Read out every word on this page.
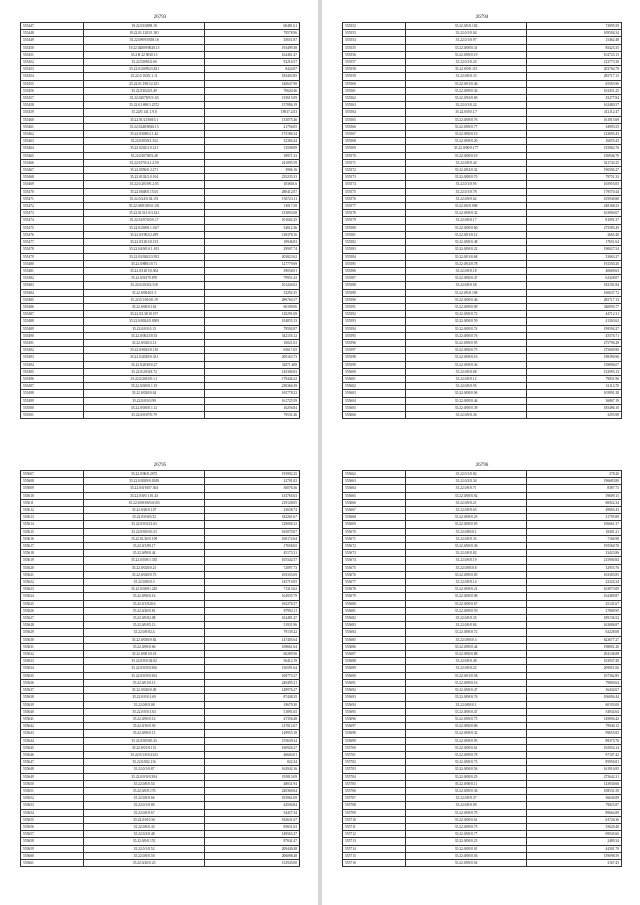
26793
555447	19.22.03/0858.18	60481.61
555448	19.22.01.1203/1.301	79578.96
555449	35.22.0F09/0558.16	35651.87
555450	19.22.02009/0020.15	193499.38
555451	35.2 R 22 0030.13	162461.47
555452	15.22.02065/2.60	93216.57
555453	35.22.0/20/9023.821	8424.87
555454	25.22.0.1045/.1.11	183403.85
555455	25.22.01.1901/2.251	140647.98
555456	35.22.F2024/3.49	70620.46
555457	35.22.02078/9.5/.63	135615.09
555458	35.22.0.1690/1.2572	157806.19
555459	35.22/0.141.1.9.0	19037.2.03
555460	35.22.01/21/0010.1	133075.46
555461	35.22.0248/0036.13	21756.05
555462	35.22.03038/2.1.42	175186.34
555463	35.22.03050/3.332	32394.44
555464	35.22.0202/2.0.121	13508.89
555465	35.22.02070/03.48	18971.33
555466	35.22.0170/4.1.2.59	241095.59
555467	35.22.0050/0.2.271	3906.16
555468	35.22.0102/2.0.104	235235.33
555469	35.22.0.2019/0.2.03	103603.6
555470	35.22.0048/0.15.03	280412.07
555471	35.22.0/24/0.02.151	156723.11
555472	35.22.0/0019/0.0.101	13017.58
555473	35.22.01/0/1.0/3.341	153093.68
555474	35.22.01/070/0.0.17	101602.25
555475	35.22.0/20/00.1.0.07	54612.36
555476	35.22.0/1902/2.299	138378.16
555477	35.22.0/1201/0.153	18946.83
555478	35.22.04/0/0.0.1.103	29907.74
555479	35.22.03/0202/3.952	203823.62
555480	35.22.0/8801/0.71	127779.69
555481	35.22.0/1201/0.304	39030.01
555482	35.22.0/0/270.870	79951.43
555483	35.22.0/20/0/2.318	101226.02
555484	35.22.0/0040/1.5	33292.35
555485	35.22.0/1/010/0.19	286760.37
555486	35.22.0/00/0.163	60109.06
555487	35.22.0/1/2010.197	120291.69
555488	35.22.0/0024/0.0309	104055.13
555489	35.22.0/0/0.0.13	79592.87
555490	35.22.0/0023/0.53	542155.12
555491	35.22.0/020/3.13	10021.63
555492	35.22.0/0023/0.110	65617.65
555493	35.22.0/2030/0.331	200163.73
555494	35.22.0/2030/0.27	32871.408
555495	35.22.0/20/0/4.72	145306.83
555496	35.22.0/2010/0.1.1	179446.22
555497	35.22.0/0/0/0.1.19	230366.39
555498	35.22.0/020/0.62	165778.23
555499	35.22.0/0/0.0.99	161725.59
555500	35.22.0/0/0/0.1.12	16256.84
555501	35.22.0/0/07/0.79	79531.46
26795
555607	35.22.0/00/0.2072	193992.25
555608	35.22.0/0029/0.0349	22701.02
555609	35.22.0/0/1007.304	30076.36
555610	35.22.0/0/0.1.01.43	133765.63
555611	35.22.0/00/00/0.6103	219128.05
555612	35.22.0/20/0.107	25638.74
555613	35.22.0/0/0/0.52	182261.67
555614	35.22.0/0/0/21.63	129006.32
555615	35.22.0/00/0.0.23	165070.07
555616	35.22.01/20/0.109	100172.64
555617	35.22.0/1/09.17	17658.65
555618	35.22.0/00/0.44	45173.31
555619	35.22.0/100/1.335	105342.57
555620	35.22.0/020/0.21	72097.73
555621	35.22.0/020/0.73	105333.69
555622	35.22.0/00/0.3	145719.05
555623	35.22.0/0/001.245	71313.62
555624	35.22.0/00/0.16	164935.79
555625	35.22.0/1/020.6	165276.57
555626	35.22.0/20/0.81	87992.11
555627	35.22.0/0/02.08	162481.47
555628	35.22.0/0/05.13	51931.96
555629	35.22.0/0/02.4	79139.22
555630	35.22.0/030/0.82	147405.64
555631	35.22.0/00/0.66	169661.64
555632	35.22.0/001/0.18	60269.56
555633	35.22.0/0/0.02.82	56412.19
555634	35.22.0/0/0/0.306	156591.64
555635	35.22.0/0/0/0.304	100773.27
555636	35.22.0/01/0.13	249495.31
555637	35.22.0/020/0.49	148976.27
555638	35.22.0/0/0.1.69	87448.35
555639	35.22.0/0/0.08	19679.30
555640	35.22.0/0/0.1.63	51891.65
555641	35.22.0/00/0.14	47356.48
555642	35.22.0/10/0.50	127012.67
555643	35.22.0/00/0.15	129953.18
555644	35.22.0/00/0/0.43	155639.34
555645	35.22.0/01/0.151	160926.27
555646	35.22.0/1/0/0.2323	46604.01
555647	35.22.0/002.116	822.34
555648	35.22.0/1/0.87	162942.16
555649	35.22.0/0/0/0.394	195813.09
555650	35.22.0/0/0.54	48031.94
555651	35.22.0/0/0.176	220369.04
555652	35.22.0/0/0.66	103961.09
555653	35.22.0/1/0.80	44594.84
555654	35.22.0/0/0.67	54457.34
555655	35.22.0/010.56	182631.67
555656	35.22.0/0/0.43	85651.63
555657	35.22.0/2/0.48	149563.27
555658	35.22.0/0/0.151	87041.47
555659	35.22.0/1/0.52	209449.48
555660	35.22.0/0/0.50	206088.48
555661	35.22.0/20/0.23	152945.00
26794
555552	35.22.0/0/0.102	72995.59
555553	35.22.0/1/0.04	109594.34
555554	35.22.0/1/0.97	15462.48
555555	35.22.0/00/0.31	85423.35
555556	35.22.0/00/0.19	102723.13
555557	35.22.0/1/0.20	212773.30
555558	35.22.0/0/0.115	203764.79
555559	35.22.0/0/0.33	285717.13
555560	35.22.0/01/0.46	65565.96
555561	35.22.0/00/0.36	163451.25
555562	35.22.0/94/0.69	35277.84
555563	35.22.0/1/0.22	162480.57
555564	35.22.0/0/0.1.7	412112.47
555565	35.22.0/00/0.76	161915.69
555566	35.22.0/00/0.77	34993.55
555567	35.22.0/00/0.10	123693.43
555568	35.22.0/00/0.20	16055.43
555569	35.22.0/00/0.177	155062.76
555570	35.22.0/00/0.19	156946.70
555571	35.22.0/0/0.44	321743.25
555572	35.22.0/02/0.32	190594.27
555573	35.22.0/00/0.70	79751.33
555574	35.22.0/1/0.95	165955.05
555575	35.22.0/1/0.78	179570.44
555576	35.22.0/0/0.62	105940.80
555577	35.22.0/0/0.008	248168.23
555578	35.22.0/00/0.32	163960.67
555579	35.22.0/0/0.17	81091.37
555580	35.22.0/00/0.60	275585.49
555581	35.22.0/01/0.12	2665.40
555582	35.22.0/00/0.48	17651.64
555583	35.22.0/00/0.22	190027.54
555584	35.22.0/01/0.68	53063.27
555585	35.22.0/02/0.78	192350.20
555586	35.22.0/0/0.18	40669.63
555587	35.22.0/00/0.47	62328.07
555588	35.22.0/0/0.58	182101.84
555589	35.22.0/0/0.108	160637.72
555590	35.22.0/00/0.46	285717.13
555591	35.22.0/00/0.09	340095.77
555592	35.22.0/00/0.72	44712.31
555593	35.22.0/00/0.59	41303.62
555594	35.22.0/00/0.74	199594.27
555595	35.22.0/00/0.76	45576.71
555596	35.22.0/00/0.95	275796.28
555597	35.22.0/00/0.75	275600.90
555598	35.22.0/00/0.16	198390.96
555599	35.22.0/00/0.36	158896.07
555600	35.22.0/0/0.68	152993.13
555601	35.22.0/0/0.12	79831.96
555602	35.22.0/0/0.95	32114.70
555603	35.22.0/00/0.06	105891.28
555604	35.22.0/00/0.46	36867.19
555605	35.22.0/00/0.39	185486.10
555606	35.22.0/0/0.36	3293.98
26796
555662	35.22.0/1/0.82	378.20
555663	35.22.0/2/0.34	196683.80
555664	35.22.0/0/0.71	8387.73
555665	35.22.0/00/0.92	59609.15
555666	35.22.0/0/0.21	66922.34
555667	35.22.0/0/0.65	49065.43
555668	35.22.0/00/0.25	31795.89
555669	35.22.0/00/0.93	106661.37
555670	35.22.0/00/0.1	18401.21
555671	35.22.0/0/0.35	7166.98
555672	35.22.0/00/0.36	195560.70
555673	35.22.0/0/0.82	33423.86
555674	35.22.0/0/0.19	215900.84
555675	35.22.0/00/0.8	32955.76
555676	35.22.0/00/0.85	163383.85
555677	35.22.0/0/0.14	22324.34
555678	35.22.0/00/0.21	163973.09
555679	35.22.0/00/0.08	162489.87
555680	35.22.0/00/0.67	35141.67
555681	35.22.0/00/0.59	27809.95
555682	35.22.0/0/0.35	189136.52
555683	35.22.0/0/0.84	163086.87
555684	35.22.0/00/0.72	63228.08
555685	35.22.0/00/0.3	623677.27
555686	35.22.0/00/0.44	198001.20
555687	35.22.0/00/0.88	204146.88
555688	35.22.0/0/0.48	102937.49
555689	35.22.0/0/0.22	209051.66
555690	35.22.0/01/0.58	107362.85
555691	35.22.0/00/0.16	79800.64
555692	35.22.0/00/0.47	36434.67
555693	35.22.0/00/0.76	106094.44
555694	35.22.0/00/0.1	60193.00
555695	35.22.0/00/0.47	54944.64
555696	35.22.0/00/0.75	149894.42
555697	35.22.0/00/0.86	79940.12
555698	35.22.0/00/0.32	99655.83
555699	35.22.0/00/0.95	89373.76
555700	35.22.0/00/0.61	165054.14
555701	35.22.0/00/0.78	97107.42
555702	35.22.0/00/0.73	85956.81
555703	35.22.0/00/0.56	161916.85
555704	35.22.0/00/0.25	275642.31
555705	35.22.0/00/0.11	143930.66
555706	35.22.0/00/0.36	108531.50
555707	35.22.0/0/0.37	36636.89
555708	35.22.0/0/0.09	79825.87
555709	35.22.0/00/0.79	89664.89
555710	35.22.0/00/0.61	63726.36
555711	35.22.0/00/0.75	35620.40
555712	35.22.0/00/0.77	69945.66
555713	35.22.0/00/0.25	2489.34
555714	35.22.0/00/0.01	44301.79
555715	35.22.0/00/0.56	159098.59
555716	35.22.0/00/0.02	3167.43
